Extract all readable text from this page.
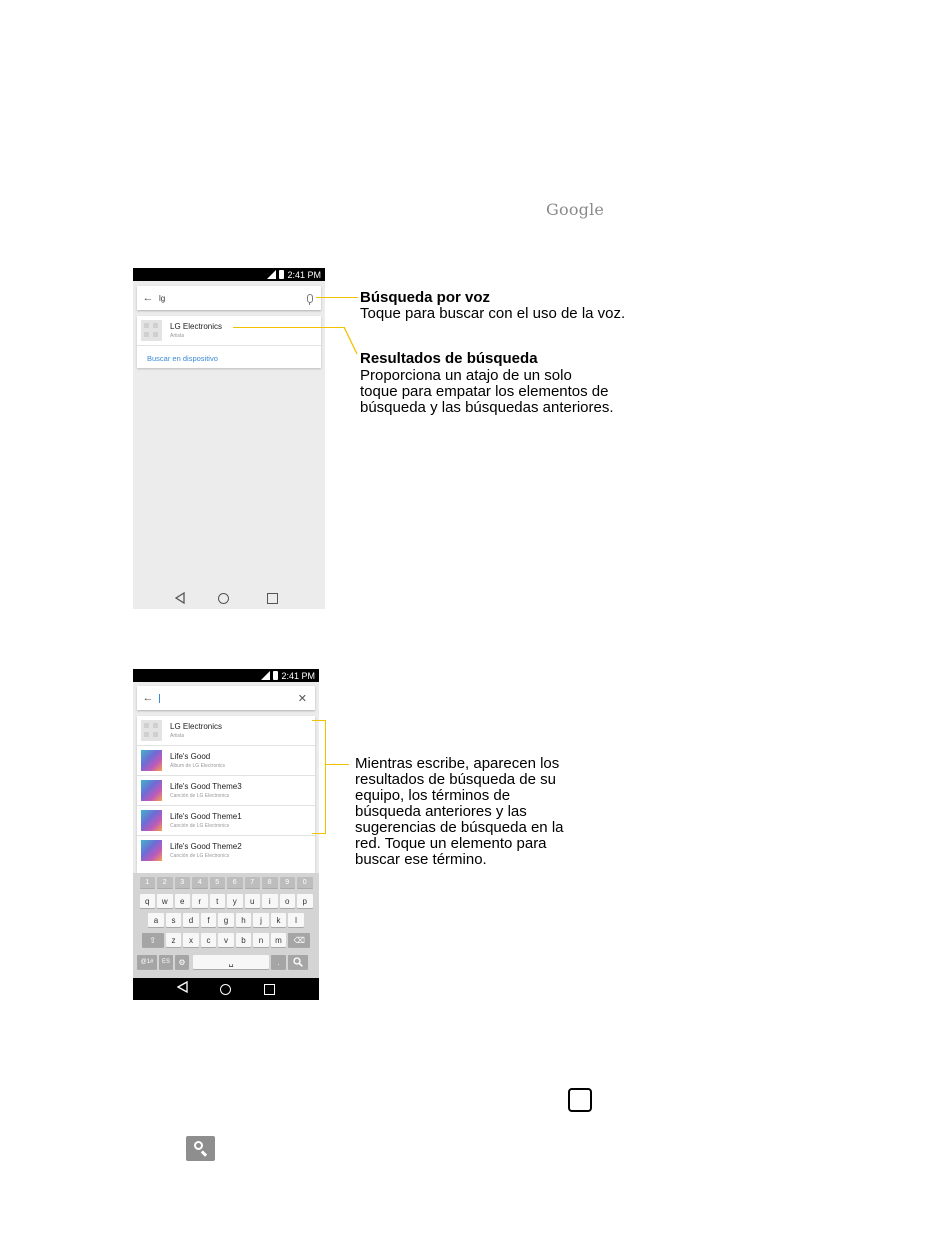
Google
2:41 PM
← lg
LG Electronics
Artista
Buscar en dispositivo
Búsqueda por voz
Toque para buscar con el uso de la voz.
Resultados de búsqueda
Proporciona un atajo de un solo
toque para empatar los elementos de
búsqueda y las búsquedas anteriores.
2:41 PM
←	✕
LG Electronics
Artista
Life's Good
Álbum de LG Electronics
Life's Good Theme3
Canción de LG Electronics
Life's Good Theme1
Canción de LG Electronics
Life's Good Theme2
Canción de LG Electronics
1	2	3	4	5	6	7	8	9	0
q	w	e	r	t	y	u	i	o	p
a	s	d	f	g	h	j	k	l
⇧	z	x	c	v	b	n	m	⌫
@1#	ES	⚙	␣	.
Mientras escribe, aparecen los
resultados de búsqueda de su
equipo, los términos de
búsqueda anteriores y las
sugerencias de búsqueda en la
red. Toque un elemento para
buscar ese término.
